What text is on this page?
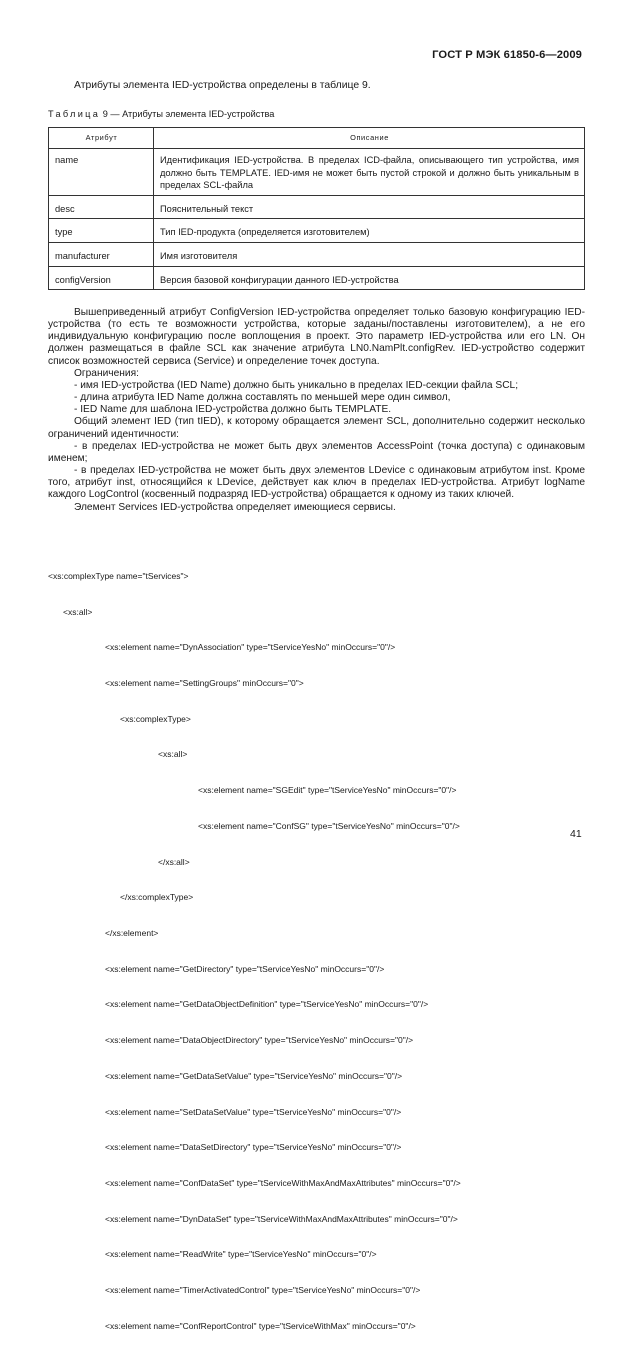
ГОСТ Р МЭК 61850-6—2009
Атрибуты элемента IED-устройства определены в таблице 9.
Таблица 9 — Атрибуты элемента IED-устройства
Атрибут	Описание
name	Идентификация IED-устройства. В пределах ICD-файла, описывающего тип устройства, имя должно быть TEMPLATE. IED-имя не может быть пустой строкой и должно быть уникальным в пределах SCL-файла
desc	Пояснительный текст
type	Тип IED-продукта (определяется изготовителем)
manufacturer	Имя изготовителя
configVersion	Версия базовой конфигурации данного IED-устройства

Вышеприведенный атрибут ConfigVersion IED-устройства определяет только базовую конфигурацию IED-устройства (то есть те возможности устройства, которые заданы/поставлены изготовителем), а не его индивидуальную конфигурацию после воплощения в проект. Это параметр IED-устройства или его LN. Он должен размещаться в файле SCL как значение атрибута LN0.NamPlt.configRev. IED-устройство содержит список возможностей сервиса (Service) и определение точек доступа.

Ограничения:

- имя IED-устройства (IED Name) должно быть уникально в пределах IED-секции файла SCL;

- длина атрибута IED Name должна составлять по меньшей мере один символ,

- IED Name для шаблона IED-устройства должно быть TEMPLATE.

Общий элемент IED (тип tIED), к которому обращается элемент SCL, дополнительно содержит несколько ограничений идентичности:

- в пределах IED-устройства не может быть двух элементов AccessPoint (точка доступа) с одинаковым именем;

- в пределах IED-устройства не может быть двух элементов LDevice с одинаковым атрибутом inst. Кроме того, атрибут inst, относящийся к LDevice, действует как ключ в пределах IED-устройства. Атрибут logName каждого LogControl (косвенный подразряд IED-устройства) обращается к одному из таких ключей.

Элемент Services IED-устройства определяет имеющиеся сервисы.

<xs:complexType name="tServices">

<xs:all>

<xs:element name="DynAssociation" type="tServiceYesNo" minOccurs="0"/>

<xs:element name="SettingGroups" minOccurs="0">

<xs:complexType>

<xs:all>

<xs:element name="SGEdit" type="tServiceYesNo" minOccurs="0"/>

<xs:element name="ConfSG" type="tServiceYesNo" minOccurs="0"/>

</xs:all>

</xs:complexType>

</xs:element>

<xs:element name="GetDirectory" type="tServiceYesNo" minOccurs="0"/>

<xs:element name="GetDataObjectDefinition" type="tServiceYesNo" minOccurs="0"/>

<xs:element name="DataObjectDirectory" type="tServiceYesNo" minOccurs="0"/>

<xs:element name="GetDataSetValue" type="tServiceYesNo" minOccurs="0"/>

<xs:element name="SetDataSetValue" type="tServiceYesNo" minOccurs="0"/>

<xs:element name="DataSetDirectory" type="tServiceYesNo" minOccurs="0"/>

<xs:element name="ConfDataSet" type="tServiceWithMaxAndMaxAttributes" minOccurs="0"/>

<xs:element name="DynDataSet" type="tServiceWithMaxAndMaxAttributes" minOccurs="0"/>

<xs:element name="ReadWrite" type="tServiceYesNo" minOccurs="0"/>

<xs:element name="TimerActivatedControl" type="tServiceYesNo" minOccurs="0"/>

<xs:element name="ConfReportControl" type="tServiceWithMax" minOccurs="0"/>

41
